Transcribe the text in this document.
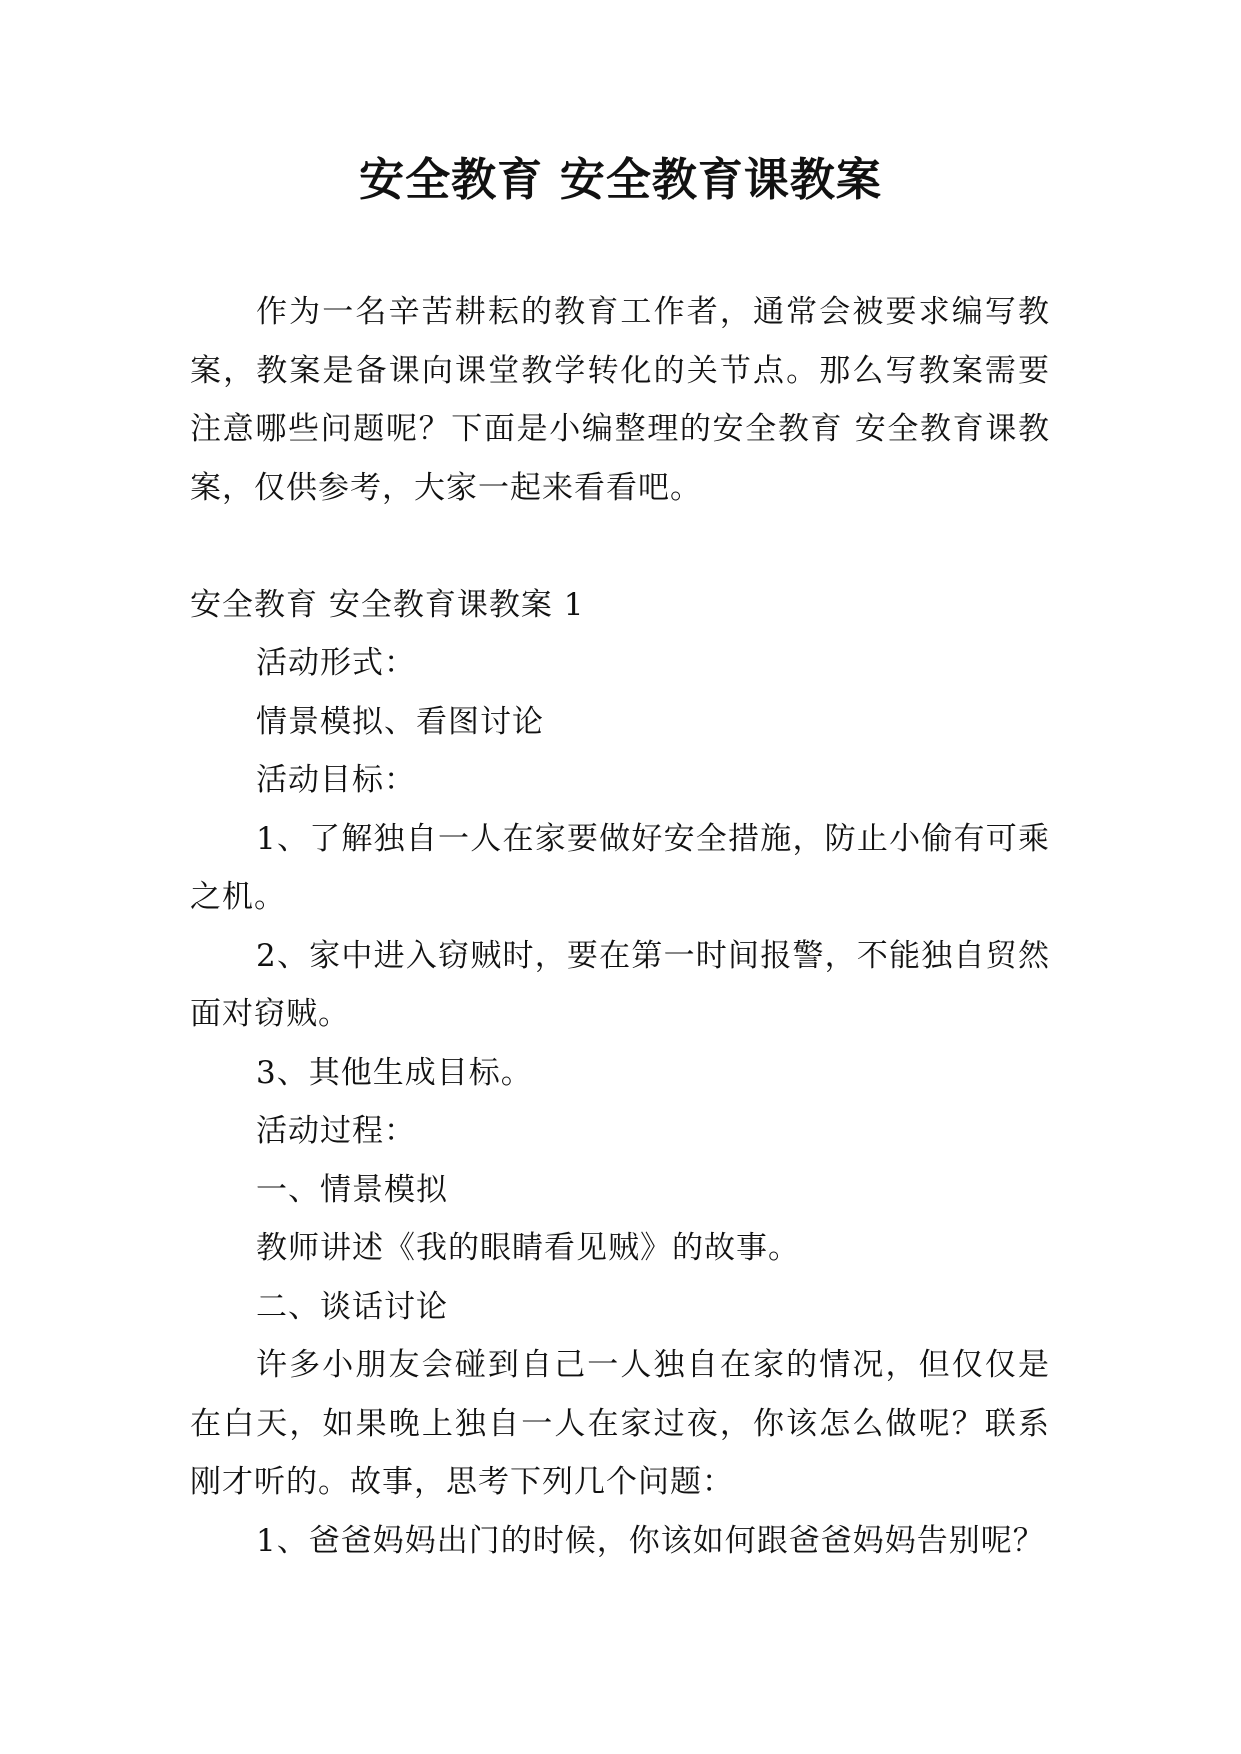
安全教育 安全教育课教案

作为一名辛苦耕耘的教育工作者，通常会被要求编写教案，教案是备课向课堂教学转化的关节点。那么写教案需要注意哪些问题呢？下面是小编整理的安全教育 安全教育课教案，仅供参考，大家一起来看看吧。

安全教育 安全教育课教案 1

活动形式：

情景模拟、看图讨论

活动目标：

1、了解独自一人在家要做好安全措施，防止小偷有可乘之机。

2、家中进入窃贼时，要在第一时间报警，不能独自贸然面对窃贼。

3、其他生成目标。

活动过程：

一、情景模拟

教师讲述《我的眼睛看见贼》的故事。

二、谈话讨论

许多小朋友会碰到自己一人独自在家的情况，但仅仅是在白天，如果晚上独自一人在家过夜，你该怎么做呢？联系刚才听的。故事，思考下列几个问题：

1、爸爸妈妈出门的时候，你该如何跟爸爸妈妈告别呢？
